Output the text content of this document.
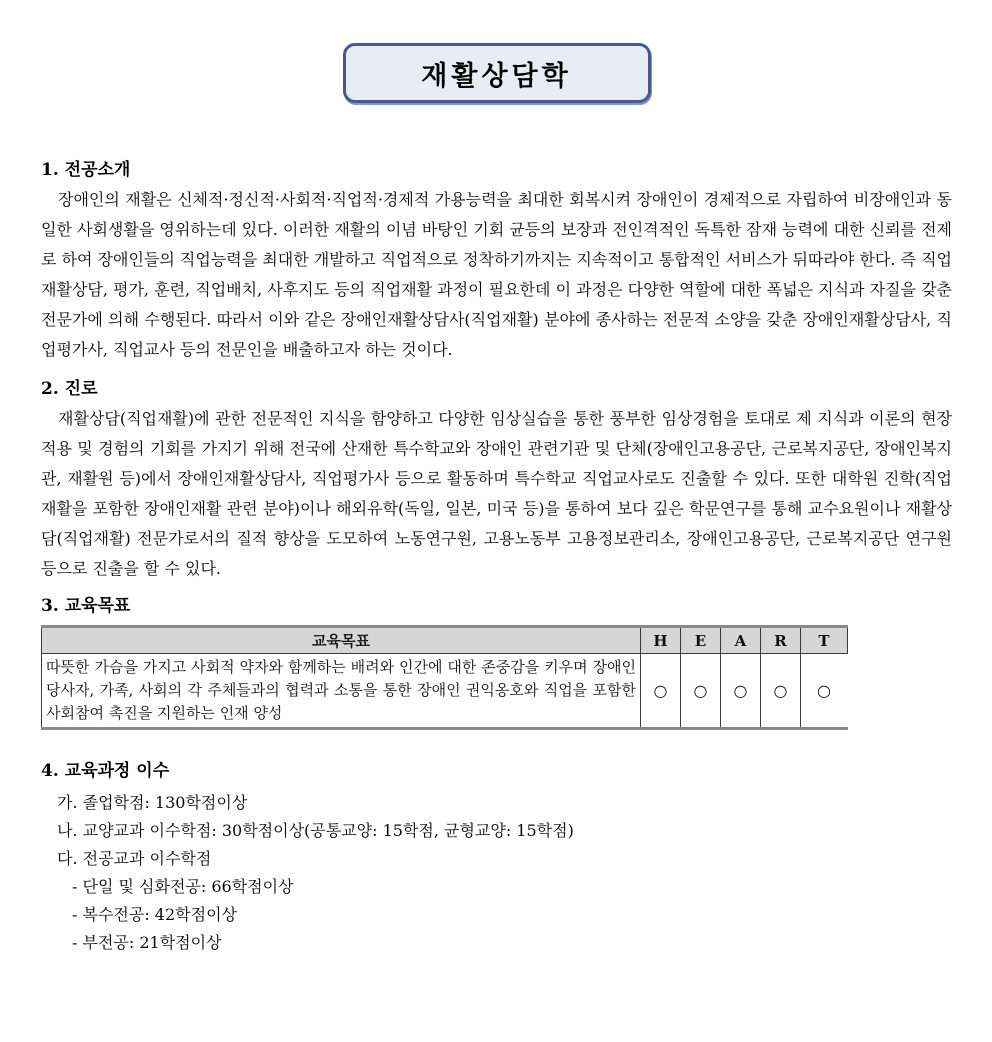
재활상담학
1. 전공소개

장애인의 재활은 신체적·정신적·사회적·직업적·경제적 가용능력을 최대한 회복시켜 장애인이 경제적으로 자립하여 비장애인과 동일한 사회생활을 영위하는데 있다. 이러한 재활의 이념 바탕인 기회 균등의 보장과 전인격적인 독특한 잠재 능력에 대한 신뢰를 전제로 하여 장애인들의 직업능력을 최대한 개발하고 직업적으로 정착하기까지는 지속적이고 통합적인 서비스가 뒤따라야 한다. 즉 직업재활상담, 평가, 훈련, 직업배치, 사후지도 등의 직업재활 과정이 필요한데 이 과정은 다양한 역할에 대한 폭넓은 지식과 자질을 갖춘 전문가에 의해 수행된다. 따라서 이와 같은 장애인재활상담사(직업재활) 분야에 종사하는 전문적 소양을 갖춘 장애인재활상담사, 직업평가사, 직업교사 등의 전문인을 배출하고자 하는 것이다.

2. 진로

재활상담(직업재활)에 관한 전문적인 지식을 함양하고 다양한 임상실습을 통한 풍부한 임상경험을 토대로 제 지식과 이론의 현장 적용 및 경험의 기회를 가지기 위해 전국에 산재한 특수학교와 장애인 관련기관 및 단체(장애인고용공단, 근로복지공단, 장애인복지관, 재활원 등)에서 장애인재활상담사, 직업평가사 등으로 활동하며 특수학교 직업교사로도 진출할 수 있다. 또한 대학원 진학(직업재활을 포함한 장애인재활 관련 분야)이나 해외유학(독일, 일본, 미국 등)을 통하여 보다 깊은 학문연구를 통해 교수요원이나 재활상담(직업재활) 전문가로서의 질적 향상을 도모하여 노동연구원, 고용노동부 고용정보관리소, 장애인고용공단, 근로복지공단 연구원 등으로 진출을 할 수 있다.

3. 교육목표
교육목표	H	E	A	R	T
따뜻한 가슴을 가지고 사회적 약자와 함께하는 배려와 인간에 대한 존중감을 키우며 장애인당사자, 가족, 사회의 각 주체들과의 협력과 소통을 통한 장애인 권익옹호와 직업을 포함한 사회참여 촉진을 지원하는 인재 양성	○	○	○	○	○
4. 교육과정 이수
가. 졸업학점: 130학점이상
나. 교양교과 이수학점: 30학점이상(공통교양: 15학점, 균형교양: 15학점)
다. 전공교과 이수학점
- 단일 및 심화전공: 66학점이상
- 복수전공: 42학점이상
- 부전공: 21학점이상
